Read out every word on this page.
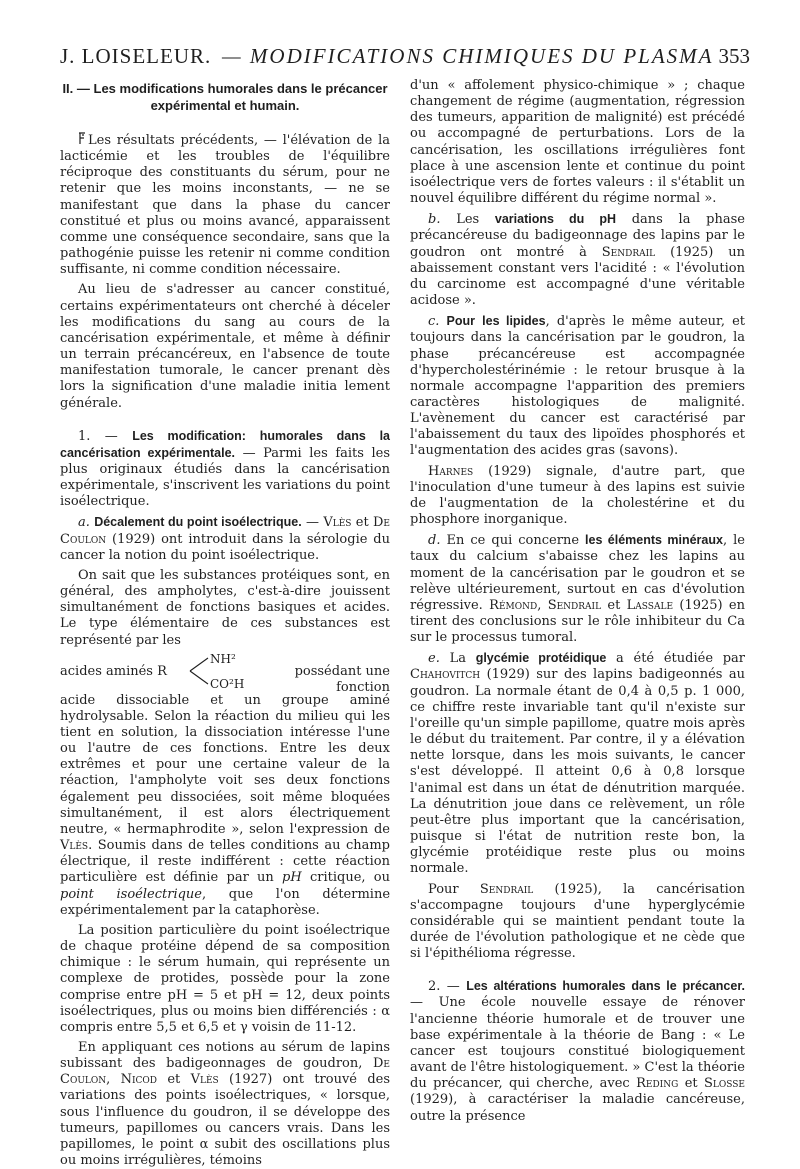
J. LOISELEUR. — MODIFICATIONS CHIMIQUES DU PLASMA 353
II. — Les modifications humorales dans le précancer expérimental et humain.

Les résultats précédents, — l'élévation de la lacticémie et les troubles de l'équilibre réciproque des constituants du sérum, pour ne retenir que les moins inconstants, — ne se manifestant que dans la phase du cancer constitué et plus ou moins avancé, apparaissent comme une conséquence secondaire, sans que la pathogénie puisse les retenir ni comme condition suffisante, ni comme condition nécessaire.

Au lieu de s'adresser au cancer constitué, certains expérimentateurs ont cherché à déceler les modifications du sang au cours de la cancérisation expérimentale, et même à définir un terrain précancéreux, en l'absence de toute manifestation tumorale, le cancer prenant dès lors la signification d'une maladie initia lement générale.

1. — Les modification: humorales dans la cancérisation expérimentale. — Parmi les faits les plus originaux étudiés dans la cancérisation expérimentale, s'inscrivent les variations du point isoélectrique.

a. Décalement du point isoélectrique. — Vlès et De Coulon (1929) ont introduit dans la sérologie du cancer la notion du point isoélectrique.

On sait que les substances protéiques sont, en général, des ampholytes, c'est-à-dire jouissent simultanément de fonctions basiques et acides. Le type élémentaire de ces substances est représenté par les

acides aminés R
NH²
CO²H
possédant une fonction

acide dissociable et un groupe aminé hydrolysable. Selon la réaction du milieu qui les tient en solution, la dissociation intéresse l'une ou l'autre de ces fonctions. Entre les deux extrêmes et pour une certaine valeur de la réaction, l'ampholyte voit ses deux fonctions également peu dissociées, soit même bloquées simultanément, il est alors électriquement neutre, « hermaphrodite », selon l'expression de Vlès. Soumis dans de telles conditions au champ électrique, il reste indifférent : cette réaction particulière est définie par un pH critique, ou point isoélectrique, que l'on détermine expérimentalement par la cataphorèse.

La position particulière du point isoélectrique de chaque protéine dépend de sa composition chimique : le sérum humain, qui représente un complexe de protides, possède pour la zone comprise entre pH = 5 et pH = 12, deux points isoélectriques, plus ou moins bien différenciés : α compris entre 5,5 et 6,5 et γ voisin de 11-12.

En appliquant ces notions au sérum de lapins subissant des badigeonnages de goudron, De Coulon, Nicod et Vlès (1927) ont trouvé des variations des points isoélectriques, « lorsque, sous l'influence du goudron, il se développe des tumeurs, papillomes ou cancers vrais. Dans les papillomes, le point α subit des oscillations plus ou moins irrégulières, témoins

d'un « affolement physico-chimique » ; chaque changement de régime (augmentation, régression des tumeurs, apparition de malignité) est précédé ou accompagné de perturbations. Lors de la cancérisation, les oscillations irrégulières font place à une ascension lente et continue du point isoélectrique vers de fortes valeurs : il s'établit un nouvel équilibre différent du régime normal ».

b. Les variations du pH dans la phase précancéreuse du badigeonnage des lapins par le goudron ont montré à Sendrail (1925) un abaissement constant vers l'acidité : « l'évolution du carcinome est accompagné d'une véritable acidose ».

c. Pour les lipides, d'après le même auteur, et toujours dans la cancérisation par le goudron, la phase précancéreuse est accompagnée d'hypercholestérinémie : le retour brusque à la normale accompagne l'apparition des premiers caractères histologiques de malignité. L'avènement du cancer est caractérisé par l'abaissement du taux des lipoïdes phosphorés et l'augmentation des acides gras (savons).

Harnes (1929) signale, d'autre part, que l'inoculation d'une tumeur à des lapins est suivie de l'augmentation de la cholestérine et du phosphore inorganique.

d. En ce qui concerne les éléments minéraux, le taux du calcium s'abaisse chez les lapins au moment de la cancérisation par le goudron et se relève ultérieurement, surtout en cas d'évolution régressive. Rémond, Sendrail et Lassale (1925) en tirent des conclusions sur le rôle inhibiteur du Ca sur le processus tumoral.

e. La glycémie protéidique a été étudiée par Chahovitch (1929) sur des lapins badigeonnés au goudron. La normale étant de 0,4 à 0,5 p. 1 000, ce chiffre reste invariable tant qu'il n'existe sur l'oreille qu'un simple papillome, quatre mois après le début du traitement. Par contre, il y a élévation nette lorsque, dans les mois suivants, le cancer s'est développé. Il atteint 0,6 à 0,8 lorsque l'animal est dans un état de dénutrition marquée. La dénutrition joue dans ce relèvement, un rôle peut-être plus important que la cancérisation, puisque si l'état de nutrition reste bon, la glycémie protéidique reste plus ou moins normale.

Pour Sendrail (1925), la cancérisation s'accompagne toujours d'une hyperglycémie considérable qui se maintient pendant toute la durée de l'évolution pathologique et ne cède que si l'épithélioma régresse.

2. — Les altérations humorales dans le précancer. — Une école nouvelle essaye de rénover l'ancienne théorie humorale et de trouver une base expérimentale à la théorie de Bang : « Le cancer est toujours constitué biologiquement avant de l'être histologiquement. » C'est la théorie du précancer, qui cherche, avec Reding et Slosse (1929), à caractériser la maladie cancéreuse, outre la présence
